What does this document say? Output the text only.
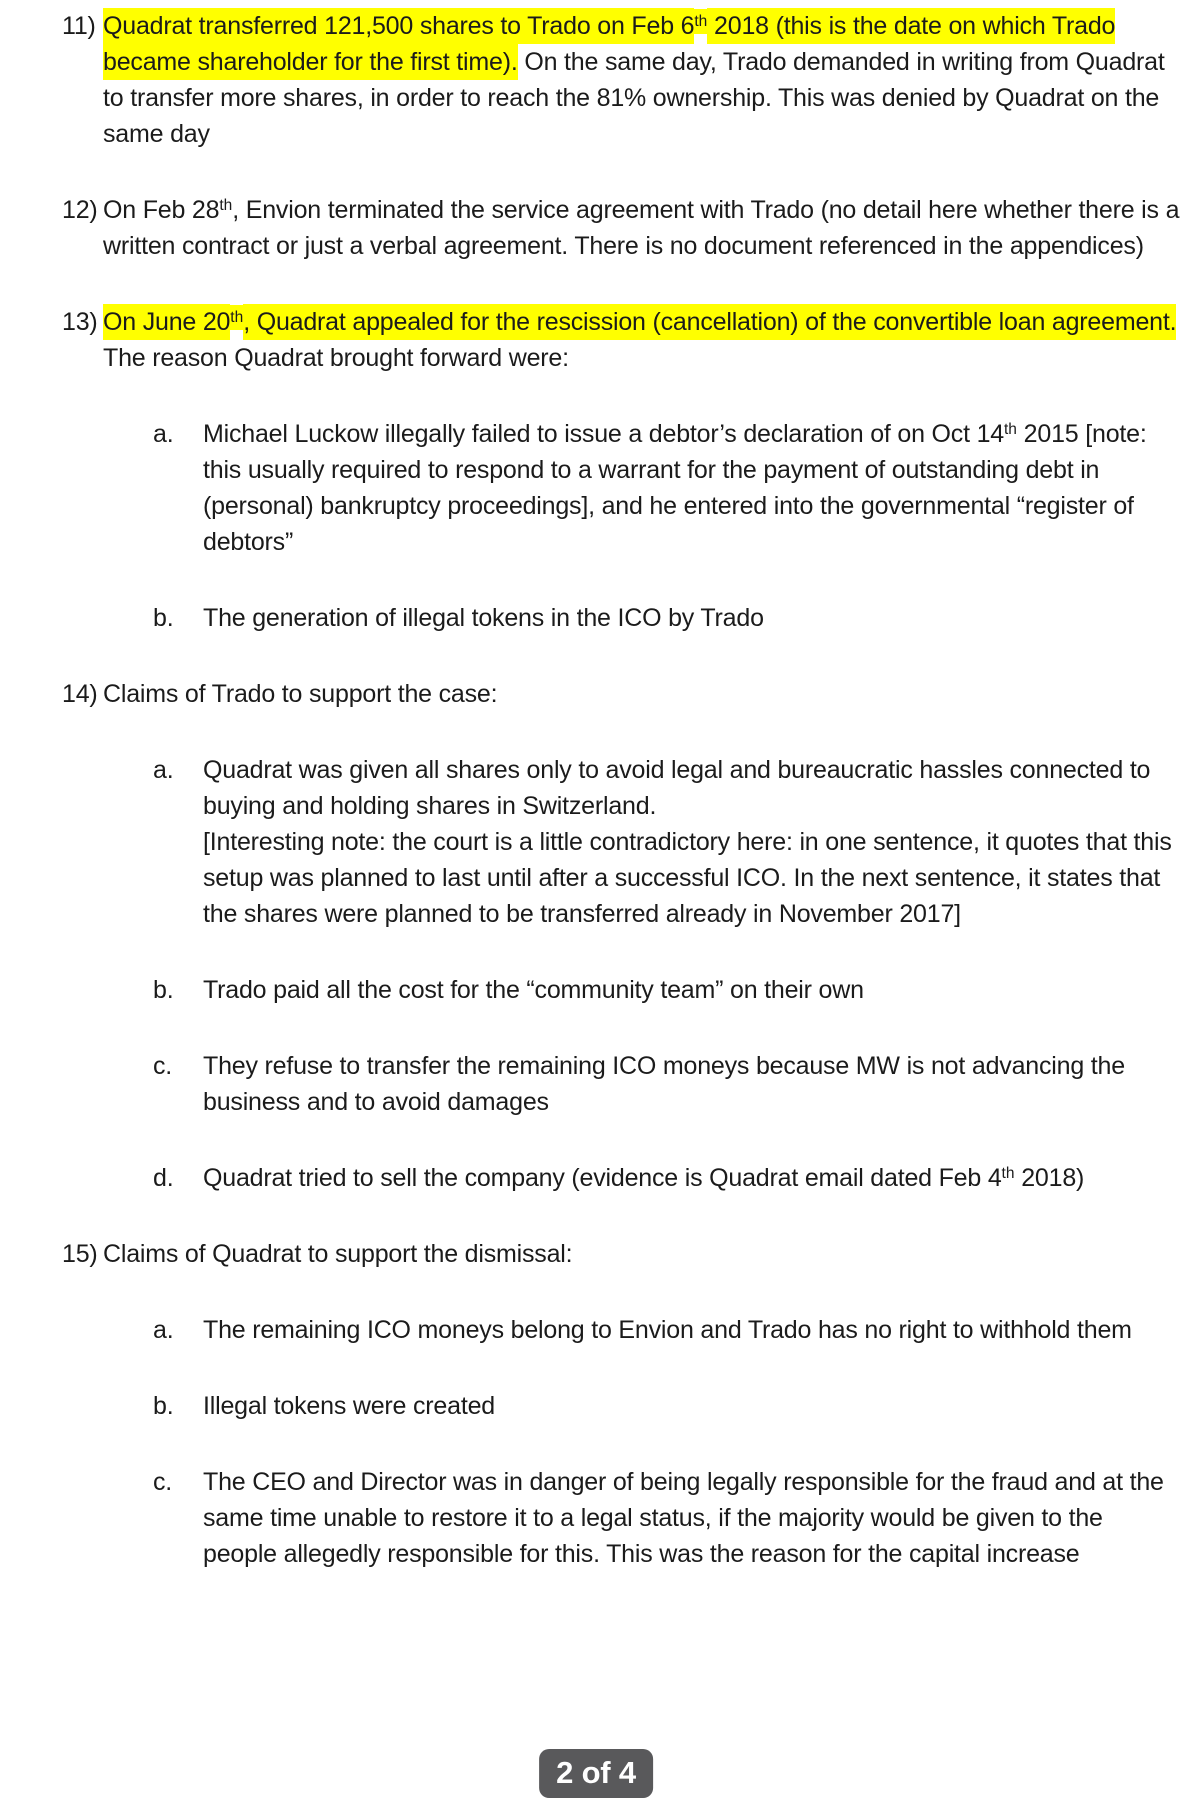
11) Quadrat transferred 121,500 shares to Trado on Feb 6th 2018 (this is the date on which Trado became shareholder for the first time). On the same day, Trado demanded in writing from Quadrat to transfer more shares, in order to reach the 81% ownership. This was denied by Quadrat on the same day
12) On Feb 28th, Envion terminated the service agreement with Trado (no detail here whether there is a written contract or just a verbal agreement. There is no document referenced in the appendices)
13) On June 20th, Quadrat appealed for the rescission (cancellation) of the convertible loan agreement. The reason Quadrat brought forward were:
a.	Michael Luckow illegally failed to issue a debtor’s declaration of on Oct 14th 2015 [note: this usually required to respond to a warrant for the payment of outstanding debt in (personal) bankruptcy proceedings], and he entered into the governmental “register of debtors”
b.	The generation of illegal tokens in the ICO by Trado
14) Claims of Trado to support the case:
a.	Quadrat was given all shares only to avoid legal and bureaucratic hassles connected to buying and holding shares in Switzerland.
[Interesting note: the court is a little contradictory here: in one sentence, it quotes that this setup was planned to last until after a successful ICO. In the next sentence, it states that the shares were planned to be transferred already in November 2017]
b.	Trado paid all the cost for the “community team” on their own
c.	They refuse to transfer the remaining ICO moneys because MW is not advancing the business and to avoid damages
d.	Quadrat tried to sell the company (evidence is Quadrat email dated Feb 4th 2018)
15) Claims of Quadrat to support the dismissal:
a.	The remaining ICO moneys belong to Envion and Trado has no right to withhold them
b.	Illegal tokens were created
c.	The CEO and Director was in danger of being legally responsible for the fraud and at the same time unable to restore it to a legal status, if the majority would be given to the people allegedly responsible for this. This was the reason for the capital increase
2 of 4
